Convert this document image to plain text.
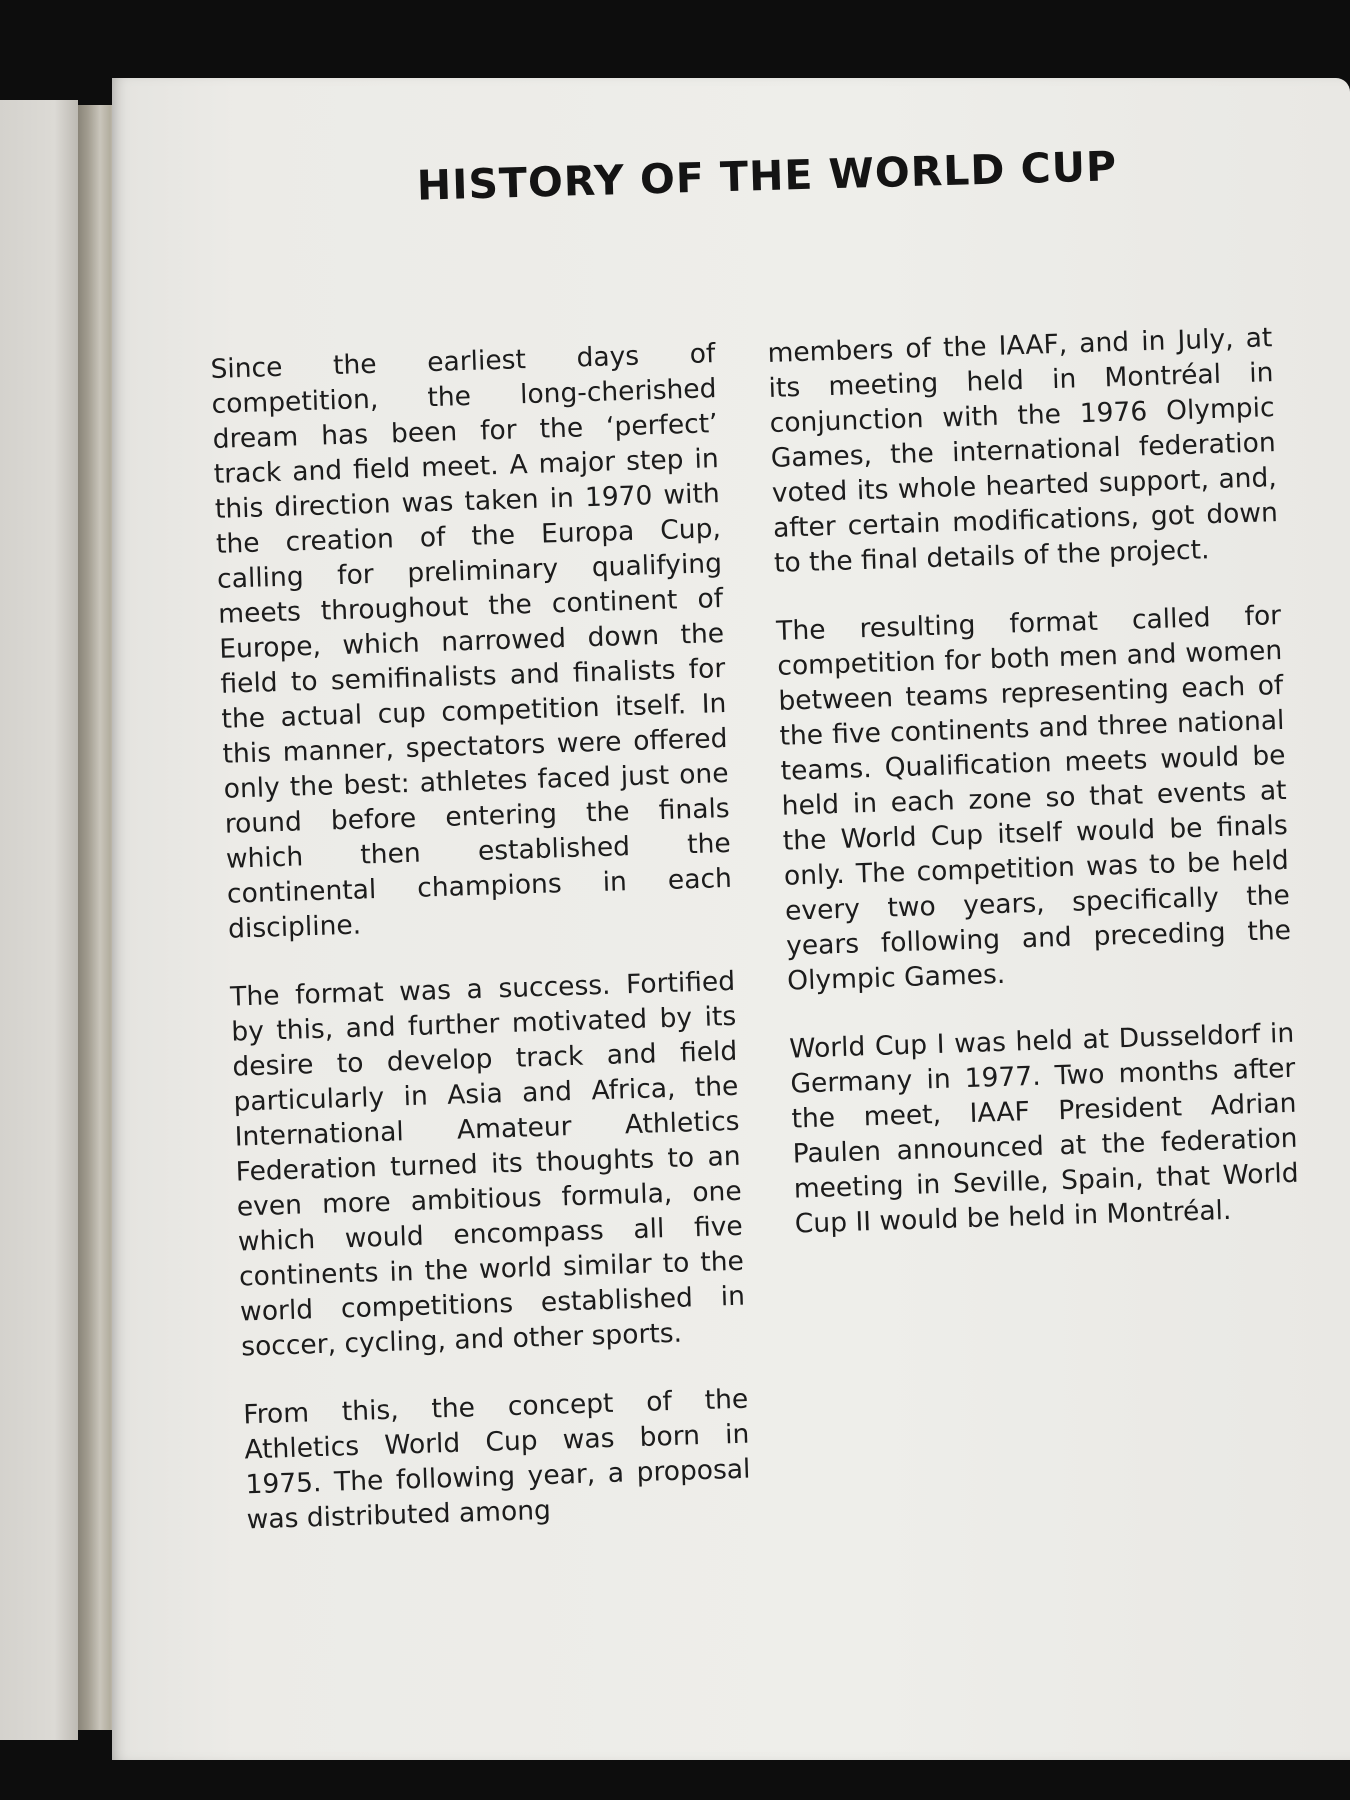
HISTORY OF THE WORLD CUP

Since the earliest days of competition, the long-cherished dream has been for the ‘perfect’ track and field meet. A major step in this direction was taken in 1970 with the creation of the Europa Cup, calling for preliminary qualifying meets throughout the continent of Europe, which narrowed down the field to semifinalists and finalists for the actual cup competition itself. In this manner, spectators were offered only the best: athletes faced just one round before entering the finals which then established the continental champions in each discipline.

The format was a success. Fortified by this, and further motivated by its desire to develop track and field particularly in Asia and Africa, the International Amateur Athletics Federation turned its thoughts to an even more ambitious formula, one which would encompass all five continents in the world similar to the world competitions established in soccer, cycling, and other sports.

From this, the concept of the Athletics World Cup was born in 1975. The following year, a proposal was distributed among

members of the IAAF, and in July, at its meeting held in Montréal in conjunction with the 1976 Olympic Games, the international federation voted its whole hearted support, and, after certain modifications, got down to the final details of the project.

The resulting format called for competition for both men and women between teams representing each of the five continents and three national teams. Qualification meets would be held in each zone so that events at the World Cup itself would be finals only. The competition was to be held every two years, specifically the years following and preceding the Olympic Games.

World Cup I was held at Dusseldorf in Germany in 1977. Two months after the meet, IAAF President Adrian Paulen announced at the federation meeting in Seville, Spain, that World Cup II would be held in Montréal.
